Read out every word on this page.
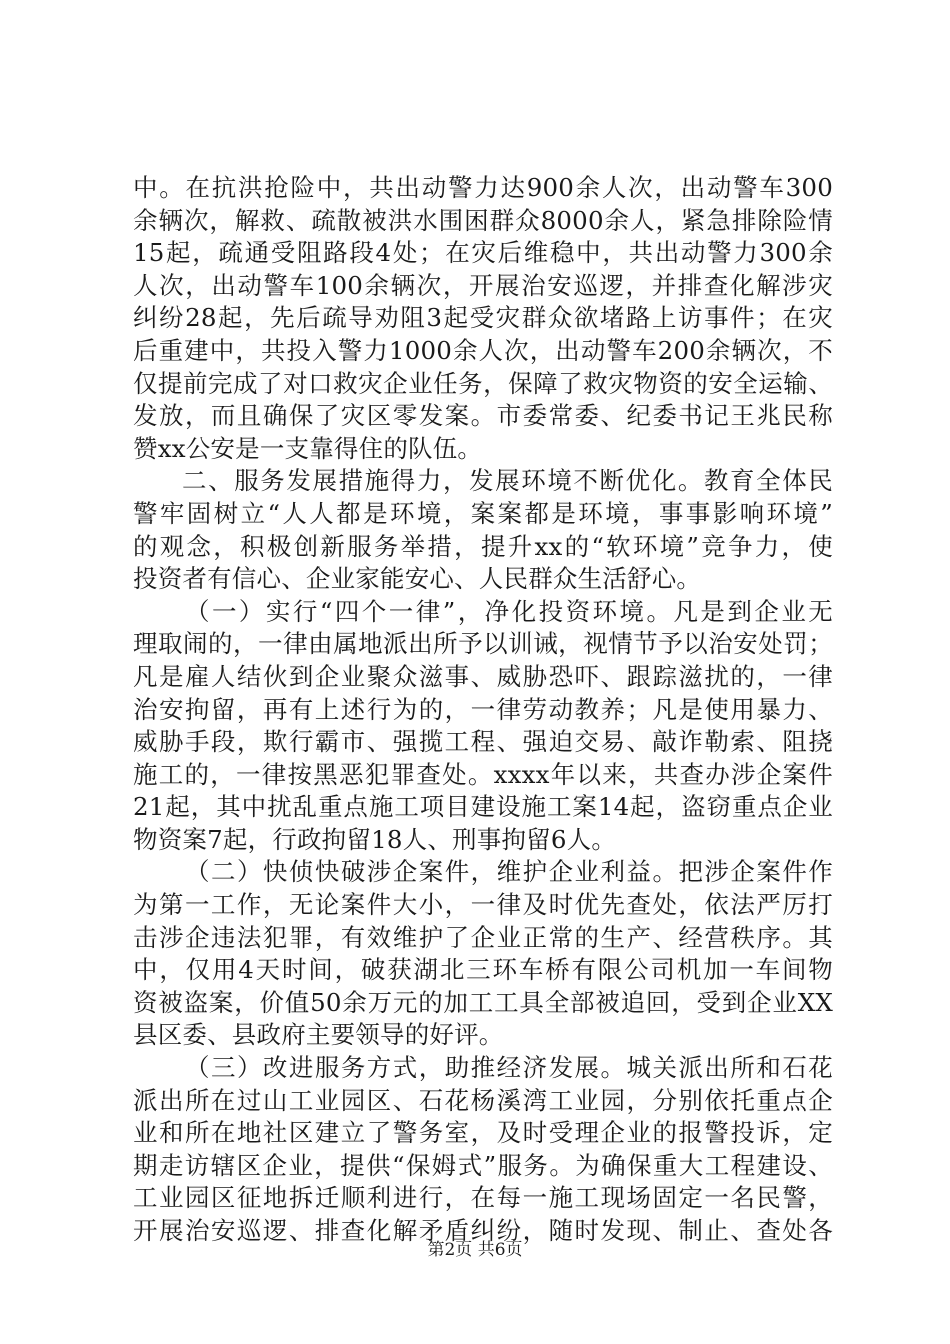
中。在抗洪抢险中，共出动警力达900余人次，出动警车300
余辆次，解救、疏散被洪水围困群众8000余人，紧急排除险情
15起，疏通受阻路段4处；在灾后维稳中，共出动警力300余
人次，出动警车100余辆次，开展治安巡逻，并排查化解涉灾
纠纷28起，先后疏导劝阻3起受灾群众欲堵路上访事件；在灾
后重建中，共投入警力1000余人次，出动警车200余辆次，不
仅提前完成了对口救灾企业任务，保障了救灾物资的安全运输、
发放，而且确保了灾区零发案。市委常委、纪委书记王兆民称
赞xx公安是一支靠得住的队伍。
二、服务发展措施得力，发展环境不断优化。教育全体民
警牢固树立“人人都是环境，案案都是环境，事事影响环境”
的观念，积极创新服务举措，提升xx的“软环境”竞争力，使
投资者有信心、企业家能安心、人民群众生活舒心。
（一）实行“四个一律”，净化投资环境。凡是到企业无
理取闹的，一律由属地派出所予以训诫，视情节予以治安处罚；
凡是雇人结伙到企业聚众滋事、威胁恐吓、跟踪滋扰的，一律
治安拘留，再有上述行为的，一律劳动教养；凡是使用暴力、
威胁手段，欺行霸市、强揽工程、强迫交易、敲诈勒索、阻挠
施工的，一律按黑恶犯罪查处。xxxx年以来，共查办涉企案件
21起，其中扰乱重点施工项目建设施工案14起，盗窃重点企业
物资案7起，行政拘留18人、刑事拘留6人。
（二）快侦快破涉企案件，维护企业利益。把涉企案件作
为第一工作，无论案件大小，一律及时优先查处，依法严厉打
击涉企违法犯罪，有效维护了企业正常的生产、经营秩序。其
中，仅用4天时间，破获湖北三环车桥有限公司机加一车间物
资被盗案，价值50余万元的加工工具全部被追回，受到企业XX
县区委、县政府主要领导的好评。
（三）改进服务方式，助推经济发展。城关派出所和石花
派出所在过山工业园区、石花杨溪湾工业园，分别依托重点企
业和所在地社区建立了警务室，及时受理企业的报警投诉，定
期走访辖区企业，提供“保姆式”服务。为确保重大工程建设、
工业园区征地拆迁顺利进行，在每一施工现场固定一名民警，
开展治安巡逻、排查化解矛盾纠纷，随时发现、制止、查处各
第2页 共6页
